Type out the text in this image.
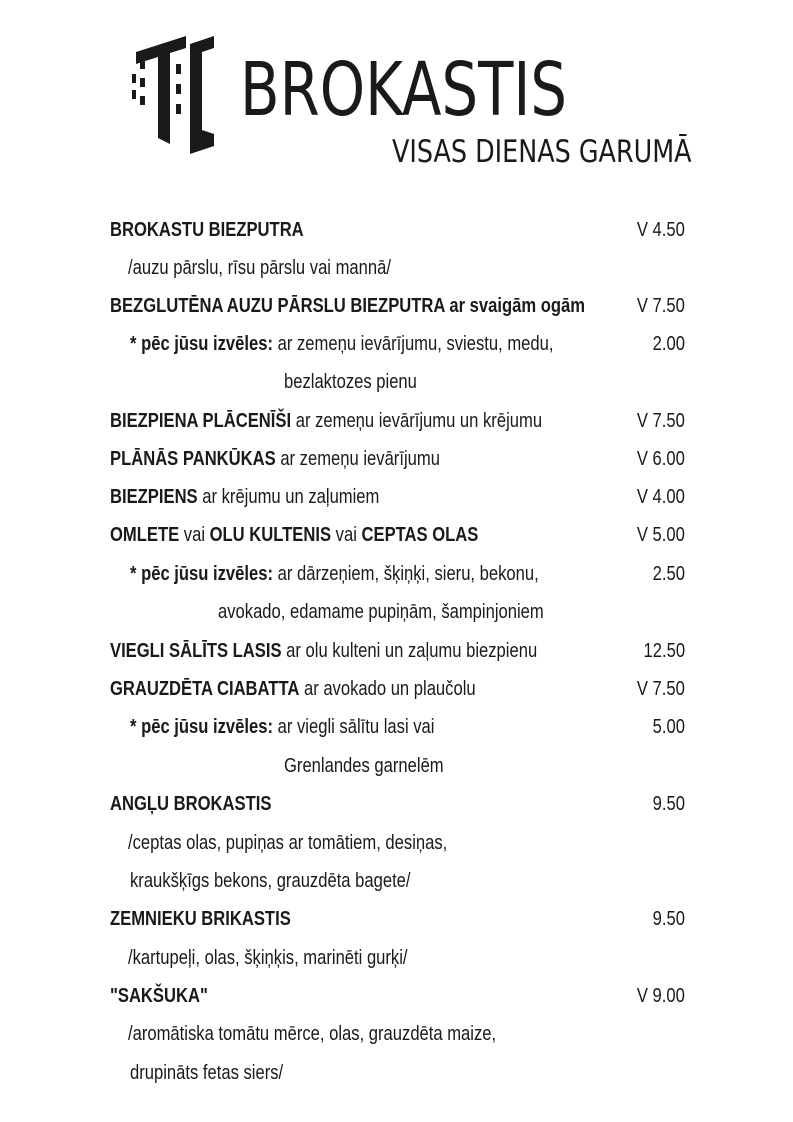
BROKASTIS
VISAS DIENAS GARUMĀ
BROKASTU BIEZPUTRA	V 4.50
/auzu pārslu, rīsu pārslu vai mannā/
BEZGLUTĒNA AUZU PĀRSLU BIEZPUTRA ar svaigām ogām	V 7.50
* pēc jūsu izvēles: ar zemeņu ievārījumu, sviestu, medu,	2.00
bezlaktozes pienu
BIEZPIENA PLĀCENĪŠI ar zemeņu ievārījumu un krējumu	V 7.50
PLĀNĀS PANKŪKAS ar zemeņu ievārījumu	V 6.00
BIEZPIENS ar krējumu un zaļumiem	V 4.00
OMLETE vai OLU KULTENIS vai CEPTAS OLAS	V 5.00
* pēc jūsu izvēles: ar dārzeņiem, šķiņķi, sieru, bekonu,	2.50
avokado, edamame pupiņām, šampinjoniem
VIEGLI SĀLĪTS LASIS ar olu kulteni un zaļumu biezpienu	12.50
GRAUZDĒTA CIABATTA ar avokado un plaučolu	V 7.50
* pēc jūsu izvēles: ar viegli sālītu lasi vai	5.00
Grenlandes garnelēm
ANGĻU BROKASTIS	9.50
/ceptas olas, pupiņas ar tomātiem, desiņas,
kraukšķīgs bekons, grauzdēta bagete/
ZEMNIEKU BRIKASTIS	9.50
/kartupeļi, olas, šķiņķis, marinēti gurķi/
"SAKŠUKA"	V 9.00
/aromātiska tomātu mērce, olas, grauzdēta maize,
drupināts fetas siers/
